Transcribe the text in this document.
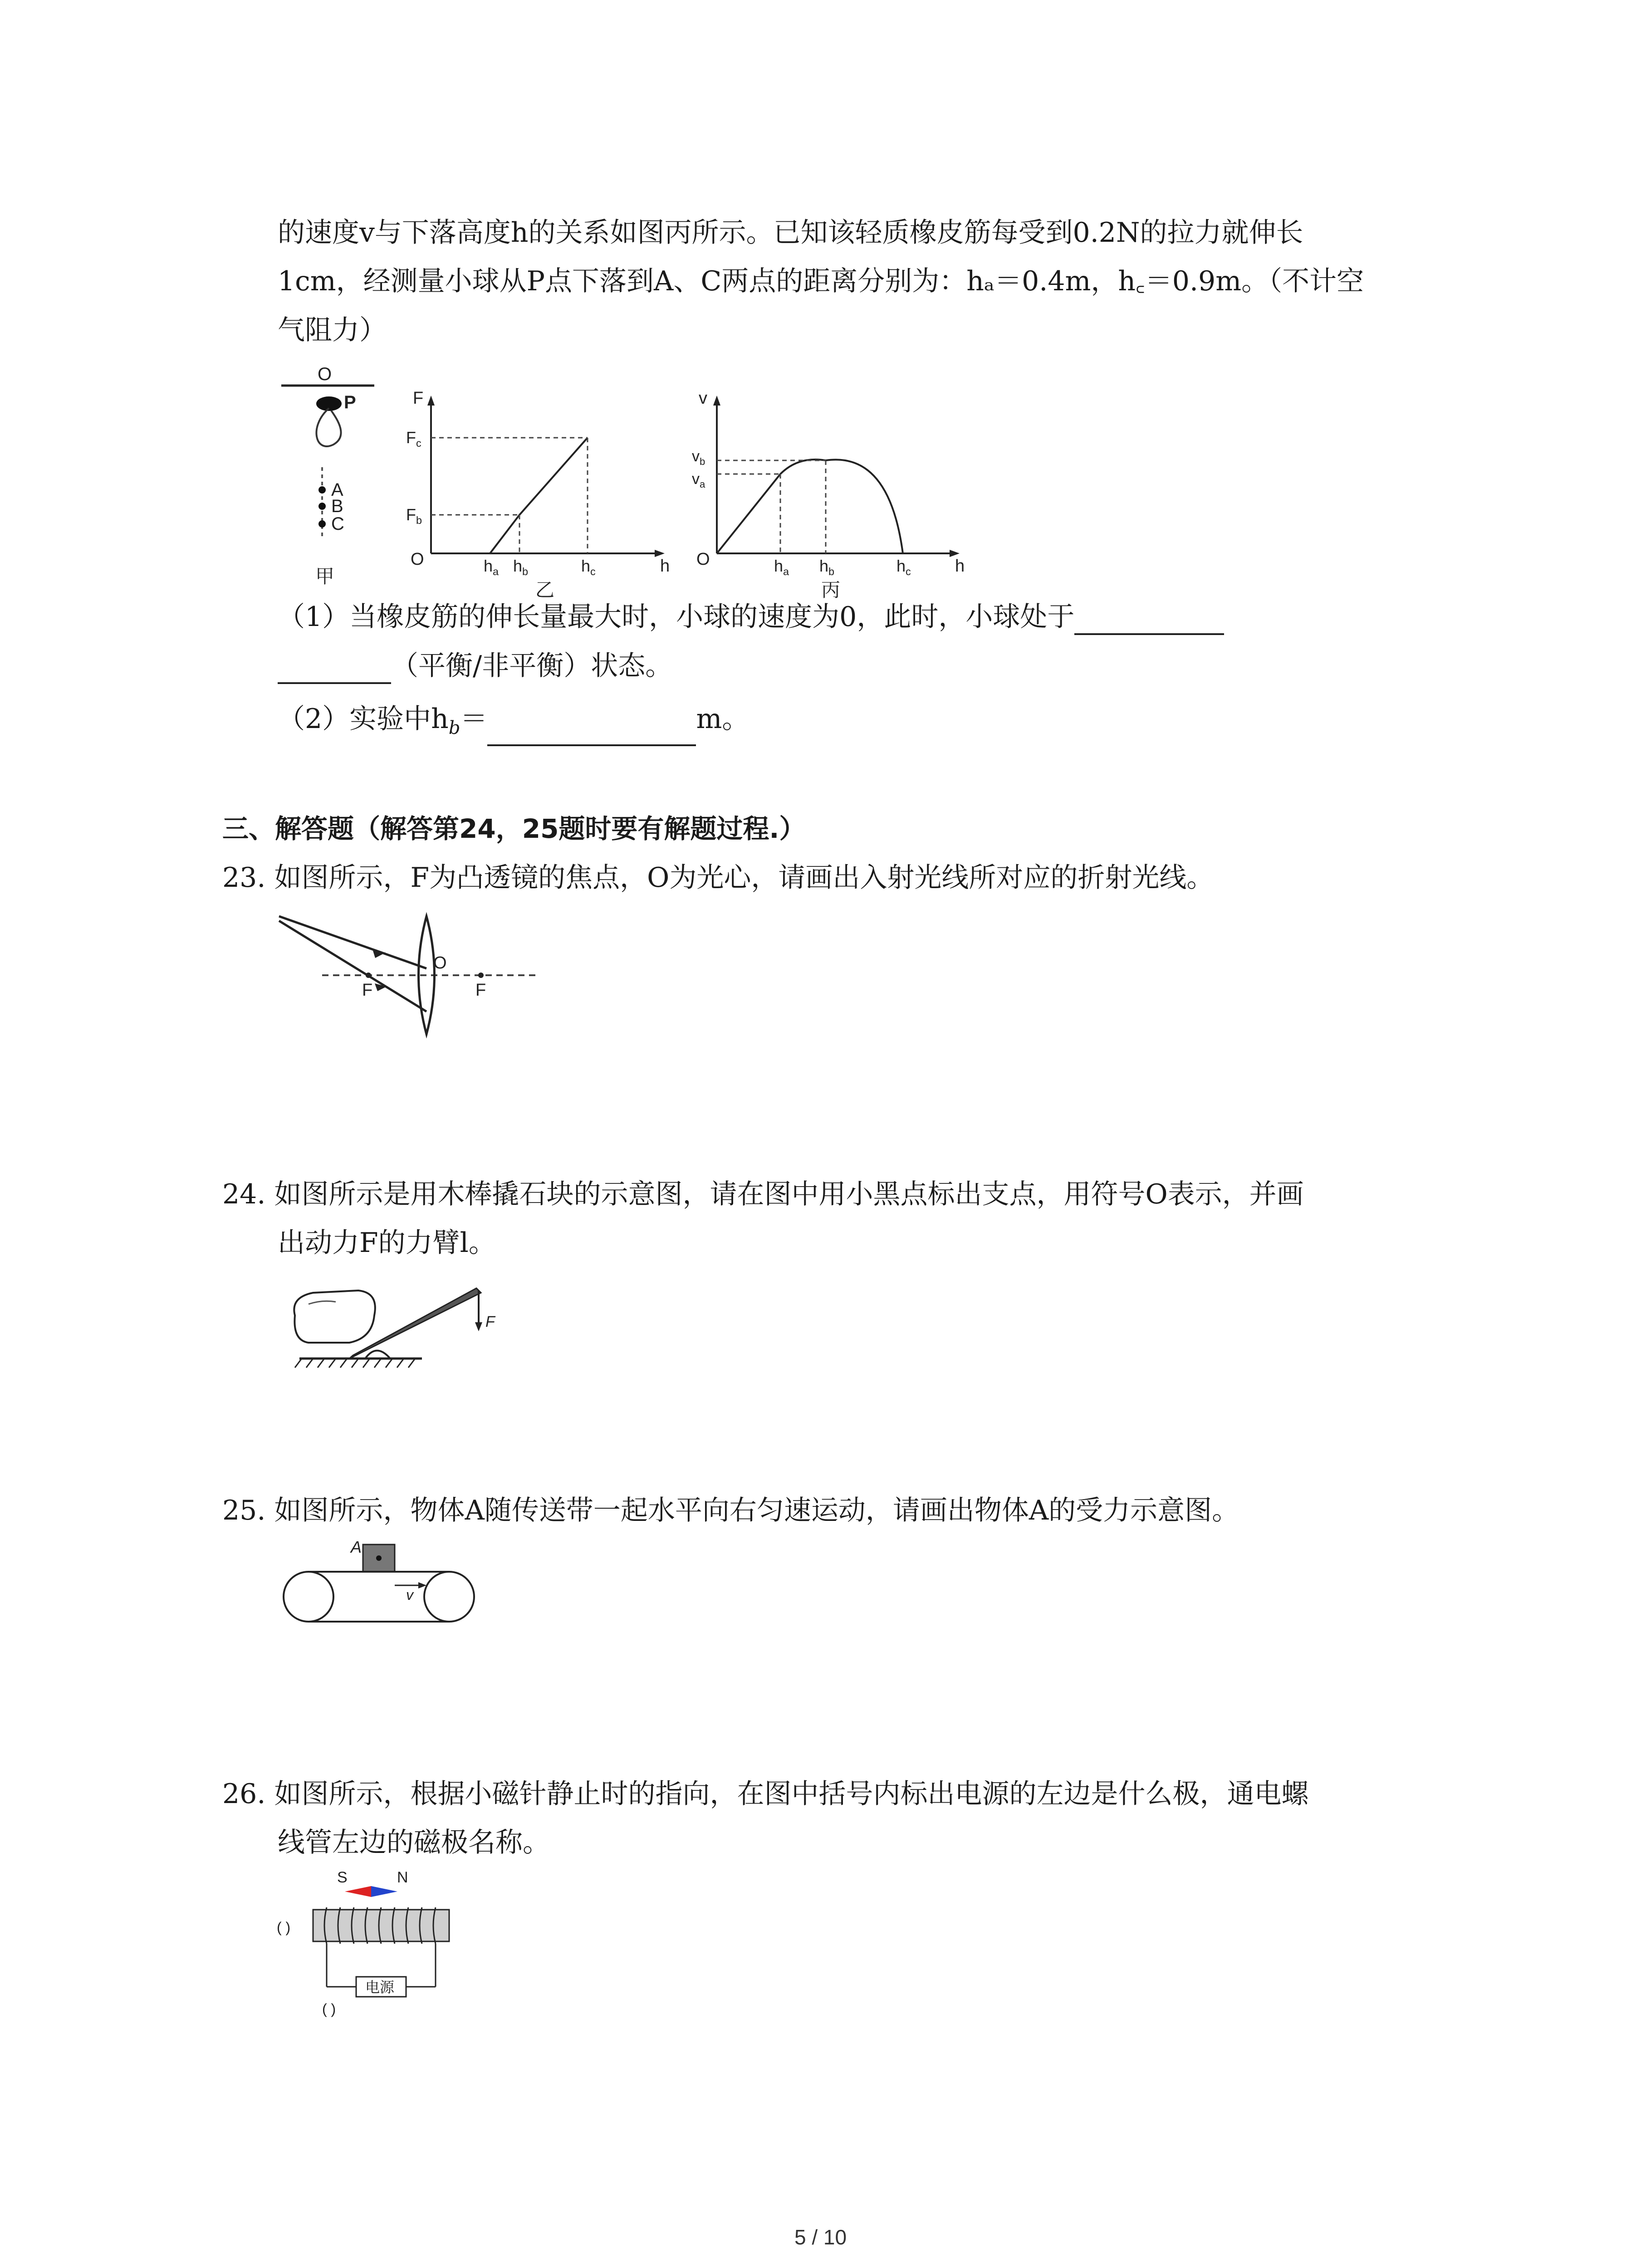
的速度v与下落高度h的关系如图丙所示。已知该轻质橡皮筋每受到0.2N的拉力就伸长
1cm，经测量小球从P点下落到A、C两点的距离分别为：hₐ＝0.4m，h꜀＝0.9m。（不计空
气阻力）
O
P
A
B
C
甲
O	h
F
$F_b$
$F_c$
$h_a$ $h_b$	$h_c$
乙
O	h
v
$v_b$
$v_a$
$h_a$ $h_b$	$h_c$
丙
（1）当橡皮筋的伸长量最大时，小球的速度为0，此时，小球处于
（平衡/非平衡）状态。
（2）实验中$h_b=$	m。
三、解答题（解答第24，25题时要有解题过程.）
23. 如图所示，F为凸透镜的焦点，O为光心，请画出入射光线所对应的折射光线。
F
O
F
24. 如图所示是用木棒撬石块的示意图，请在图中用小黑点标出支点，用符号O表示，并画
出动力F的力臂l。
F
25. 如图所示，物体A随传送带一起水平向右匀速运动，请画出物体A的受力示意图。
A
v
26. 如图所示，根据小磁针静止时的指向，在图中括号内标出电源的左边是什么极，通电螺
线管左边的磁极名称。
S	N
( )
电源
( )
5 / 10
